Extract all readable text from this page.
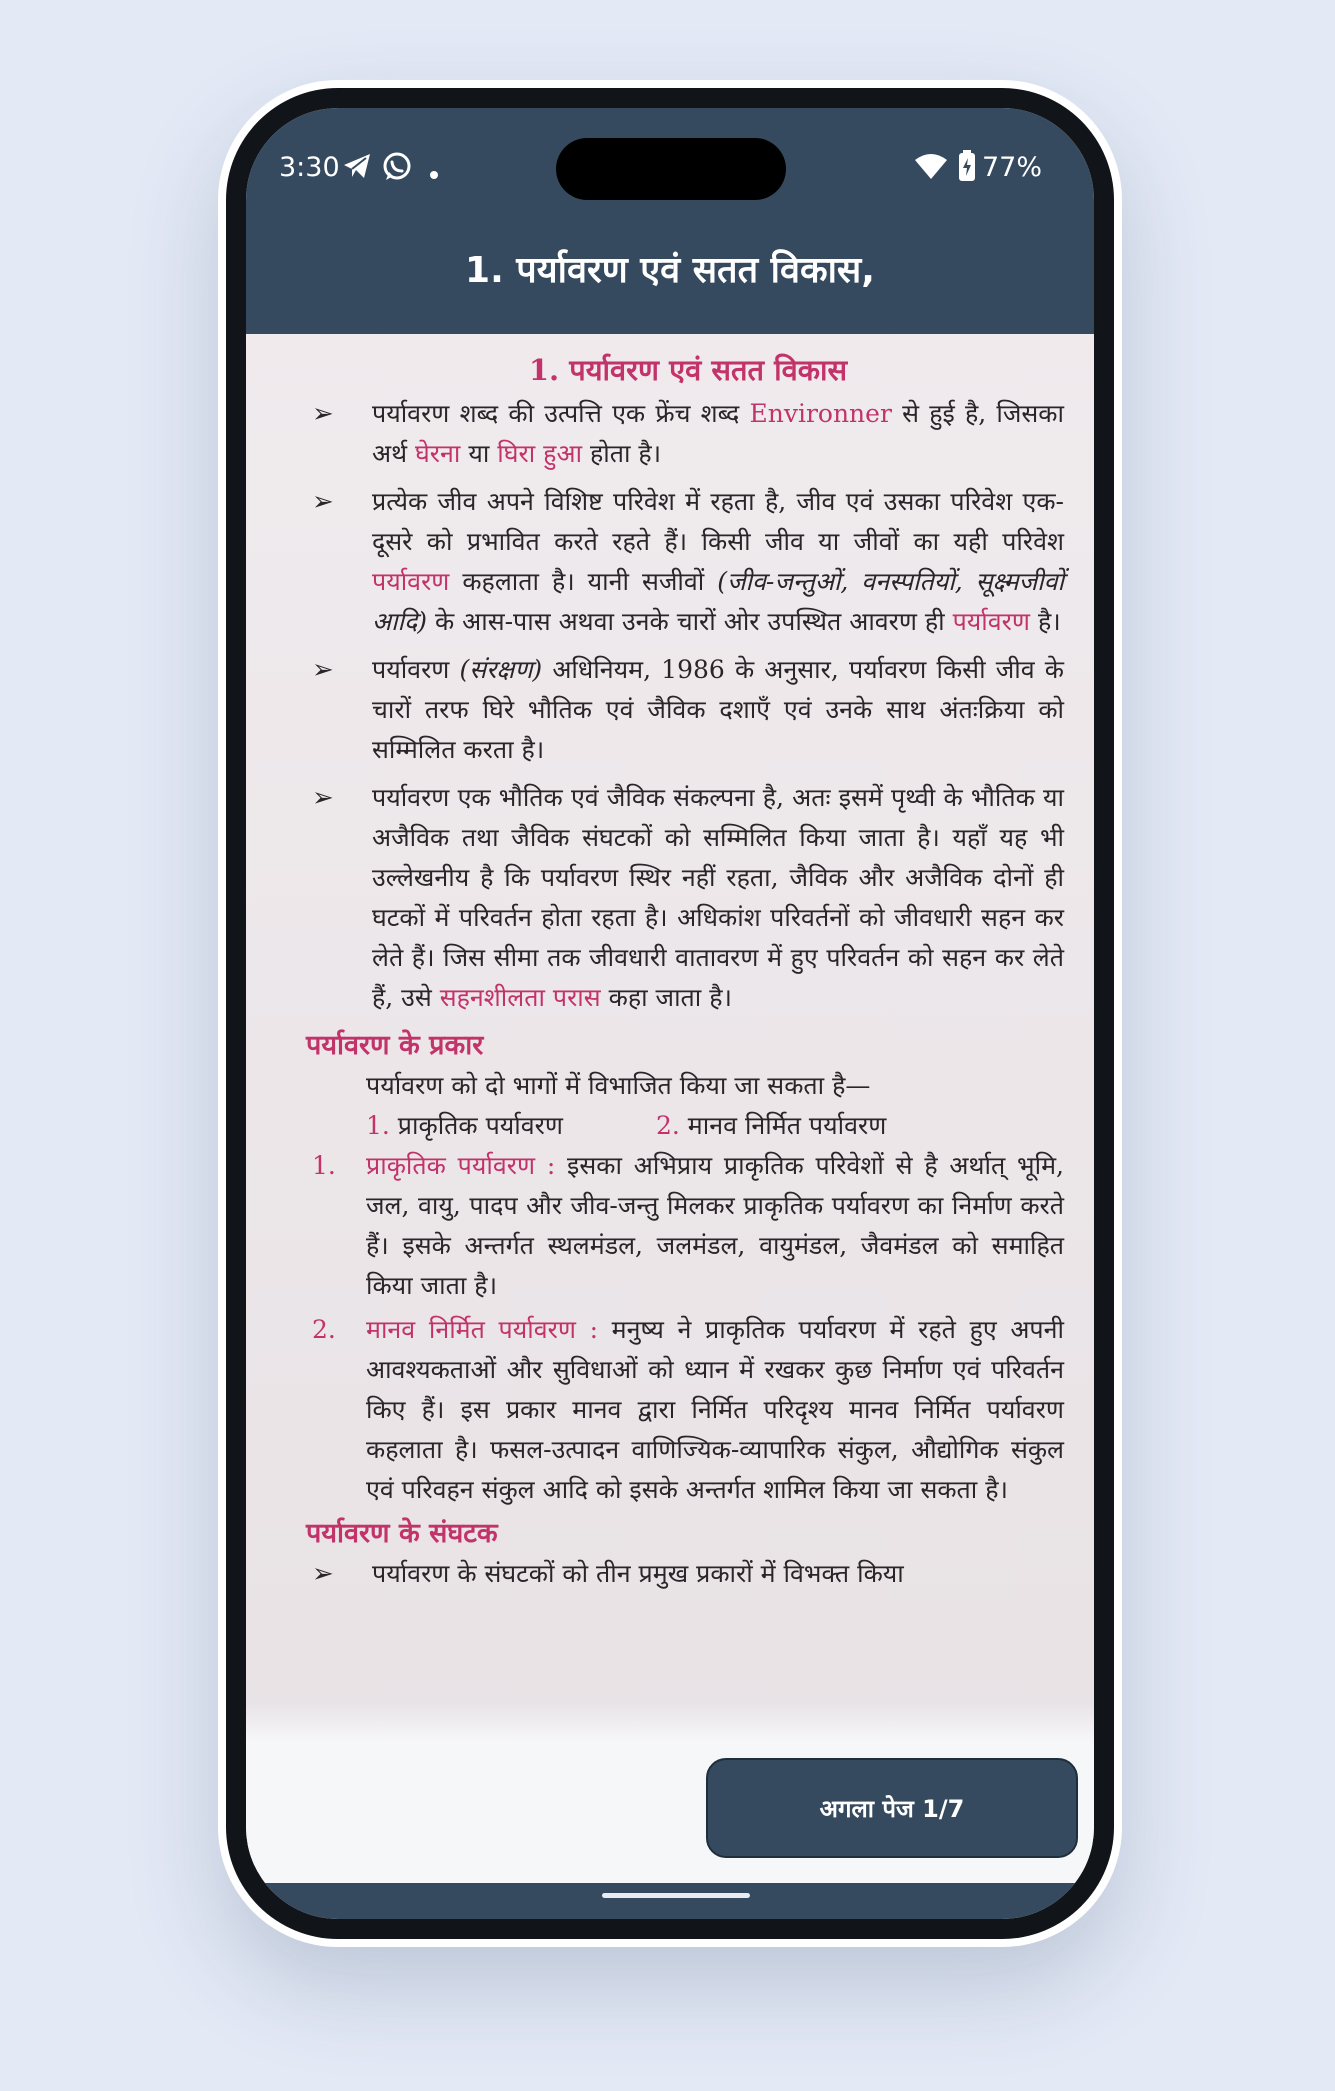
3:30	77%
1. पर्यावरण एवं सतत विकास,
1. पर्यावरण एवं सतत विकास
➢ पर्यावरण शब्द की उत्पत्ति एक फ्रेंच शब्द Environner से हुई है, जिसका अर्थ घेरना या घिरा हुआ होता है।
➢ प्रत्येक जीव अपने विशिष्ट परिवेश में रहता है, जीव एवं उसका परिवेश एक-दूसरे को प्रभावित करते रहते हैं। किसी जीव या जीवों का यही परिवेश पर्यावरण कहलाता है। यानी सजीवों (जीव-जन्तुओं, वनस्पतियों, सूक्ष्मजीवों आदि) के आस-पास अथवा उनके चारों ओर उपस्थित आवरण ही पर्यावरण है।
➢ पर्यावरण (संरक्षण) अधिनियम, 1986 के अनुसार, पर्यावरण किसी जीव के चारों तरफ घिरे भौतिक एवं जैविक दशाएँ एवं उनके साथ अंतःक्रिया को सम्मिलित करता है।
➢ पर्यावरण एक भौतिक एवं जैविक संकल्पना है, अतः इसमें पृथ्वी के भौतिक या अजैविक तथा जैविक संघटकों को सम्मिलित किया जाता है। यहाँ यह भी उल्लेखनीय है कि पर्यावरण स्थिर नहीं रहता, जैविक और अजैविक दोनों ही घटकों में परिवर्तन होता रहता है। अधिकांश परिवर्तनों को जीवधारी सहन कर लेते हैं। जिस सीमा तक जीवधारी वातावरण में हुए परिवर्तन को सहन कर लेते हैं, उसे सहनशीलता परास कहा जाता है।
पर्यावरण के प्रकार
पर्यावरण को दो भागों में विभाजित किया जा सकता है—
1. प्राकृतिक पर्यावरण	2. मानव निर्मित पर्यावरण
1. प्राकृतिक पर्यावरण : इसका अभिप्राय प्राकृतिक परिवेशों से है अर्थात् भूमि, जल, वायु, पादप और जीव-जन्तु मिलकर प्राकृतिक पर्यावरण का निर्माण करते हैं। इसके अन्तर्गत स्थलमंडल, जलमंडल, वायुमंडल, जैवमंडल को समाहित किया जाता है।
2. मानव निर्मित पर्यावरण : मनुष्य ने प्राकृतिक पर्यावरण में रहते हुए अपनी आवश्यकताओं और सुविधाओं को ध्यान में रखकर कुछ निर्माण एवं परिवर्तन किए हैं। इस प्रकार मानव द्वारा निर्मित परिदृश्य मानव निर्मित पर्यावरण कहलाता है। फसल-उत्पादन वाणिज्यिक-व्यापारिक संकुल, औद्योगिक संकुल एवं परिवहन संकुल आदि को इसके अन्तर्गत शामिल किया जा सकता है।
पर्यावरण के संघटक
➢ पर्यावरण के संघटकों को तीन प्रमुख प्रकारों में विभक्त किया
अगला पेज 1/7
